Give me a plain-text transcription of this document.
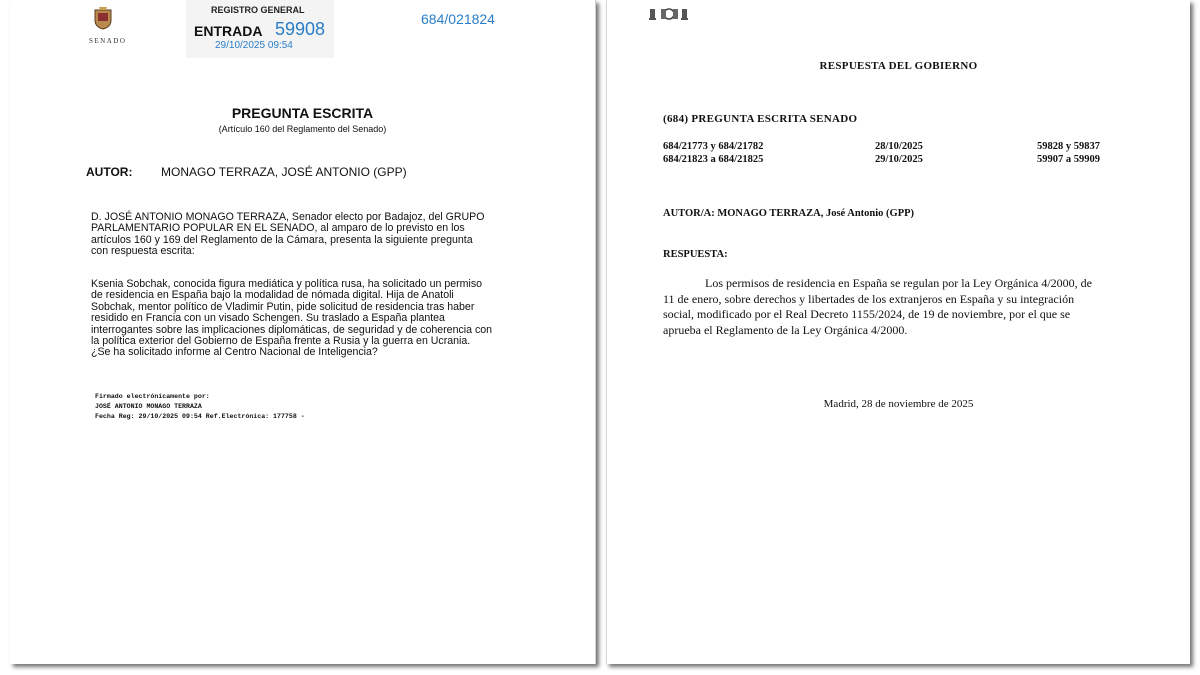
SENADO
REGISTRO GENERAL
ENTRADA 59908
29/10/2025 09:54
684/021824
PREGUNTA ESCRITA
(Artículo 160 del Reglamento del Senado)
AUTOR: MONAGO TERRAZA, JOSÉ ANTONIO (GPP)
D. JOSÉ ANTONIO MONAGO TERRAZA, Senador electo por Badajoz, del GRUPO
PARLAMENTARIO POPULAR EN EL SENADO, al amparo de lo previsto en los
artículos 160 y 169 del Reglamento de la Cámara, presenta la siguiente pregunta
con respuesta escrita:
Ksenia Sobchak, conocida figura mediática y política rusa, ha solicitado un permiso
de residencia en España bajo la modalidad de nómada digital. Hija de Anatoli
Sobchak, mentor político de Vladimir Putin, pide solicitud de residencia tras haber
residido en Francia con un visado Schengen. Su traslado a España plantea
interrogantes sobre las implicaciones diplomáticas, de seguridad y de coherencia con
la política exterior del Gobierno de España frente a Rusia y la guerra en Ucrania.
¿Se ha solicitado informe al Centro Nacional de Inteligencia?
Firmado electrónicamente por:
JOSÉ ANTONIO MONAGO TERRAZA
Fecha Reg: 29/10/2025 09:54 Ref.Electrónica: 177758 -
RESPUESTA DEL GOBIERNO
(684) PREGUNTA ESCRITA SENADO
684/21773 y 684/21782	28/10/2025	59828 y 59837
684/21823 a 684/21825	29/10/2025	59907 a 59909
AUTOR/A: MONAGO TERRAZA, José Antonio (GPP)
RESPUESTA:
Los permisos de residencia en España se regulan por la Ley Orgánica 4/2000, de
11 de enero, sobre derechos y libertades de los extranjeros en España y su integración
social, modificado por el Real Decreto 1155/2024, de 19 de noviembre, por el que se
aprueba el Reglamento de la Ley Orgánica 4/2000.
Madrid, 28 de noviembre de 2025
